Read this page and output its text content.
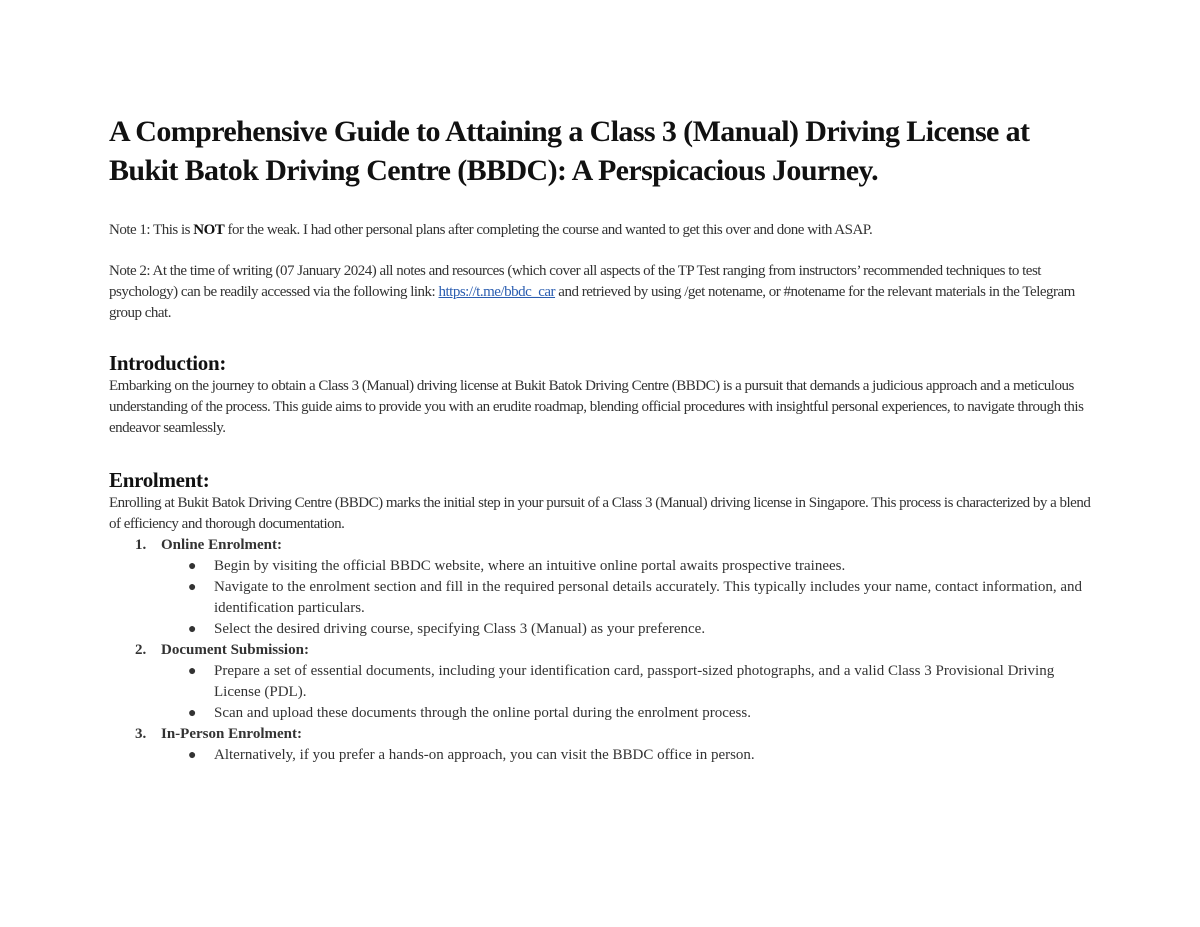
A Comprehensive Guide to Attaining a Class 3 (Manual) Driving License at Bukit Batok Driving Centre (BBDC): A Perspicacious Journey.

Note 1: This is NOT for the weak. I had other personal plans after completing the course and wanted to get this over and done with ASAP.

Note 2: At the time of writing (07 January 2024) all notes and resources (which cover all aspects of the TP Test ranging from instructors’ recommended techniques to test psychology) can be readily accessed via the following link: https://t.me/bbdc_car and retrieved by using /get notename, or #notename for the relevant materials in the Telegram group chat.

Introduction:

Embarking on the journey to obtain a Class 3 (Manual) driving license at Bukit Batok Driving Centre (BBDC) is a pursuit that demands a judicious approach and a meticulous understanding of the process. This guide aims to provide you with an erudite roadmap, blending official procedures with insightful personal experiences, to navigate through this endeavor seamlessly.

Enrolment:

Enrolling at Bukit Batok Driving Centre (BBDC) marks the initial step in your pursuit of a Class 3 (Manual) driving license in Singapore. This process is characterized by a blend of efficiency and thorough documentation.

1. Online Enrolment:
●	Begin by visiting the official BBDC website, where an intuitive online portal awaits prospective trainees.
●	Navigate to the enrolment section and fill in the required personal details accurately. This typically includes your name, contact information, and identification particulars.
●	Select the desired driving course, specifying Class 3 (Manual) as your preference.
2. Document Submission:
●	Prepare a set of essential documents, including your identification card, passport-sized photographs, and a valid Class 3 Provisional Driving License (PDL).
●	Scan and upload these documents through the online portal during the enrolment process.
3. In-Person Enrolment:
●	Alternatively, if you prefer a hands-on approach, you can visit the BBDC office in person.
